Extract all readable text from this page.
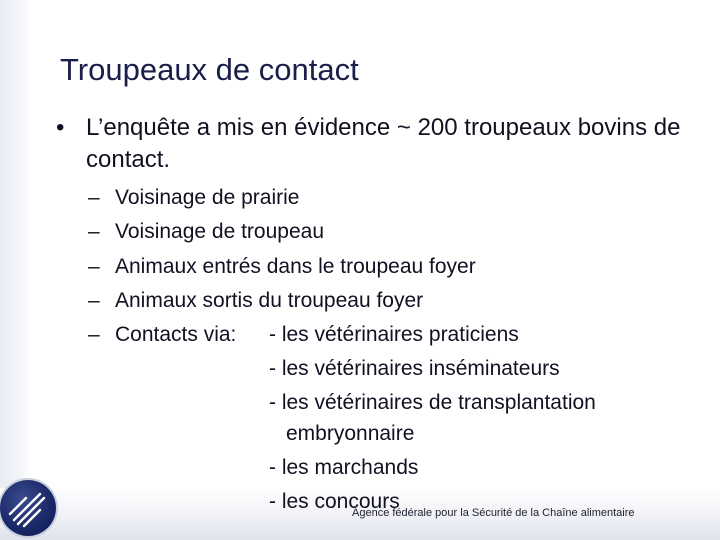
Troupeaux de contact
• L’enquête a mis en évidence ~ 200 troupeaux bovins de contact.
– Voisinage de prairie
– Voisinage de troupeau
– Animaux entrés dans le troupeau foyer
– Animaux sortis du troupeau foyer
– Contacts via: - les vétérinaires praticiens
- les vétérinaires inséminateurs
- les vétérinaires de transplantation
embryonnaire
- les marchands
- les concours
Agence fédérale pour la Sécurité de la Chaîne alimentaire
